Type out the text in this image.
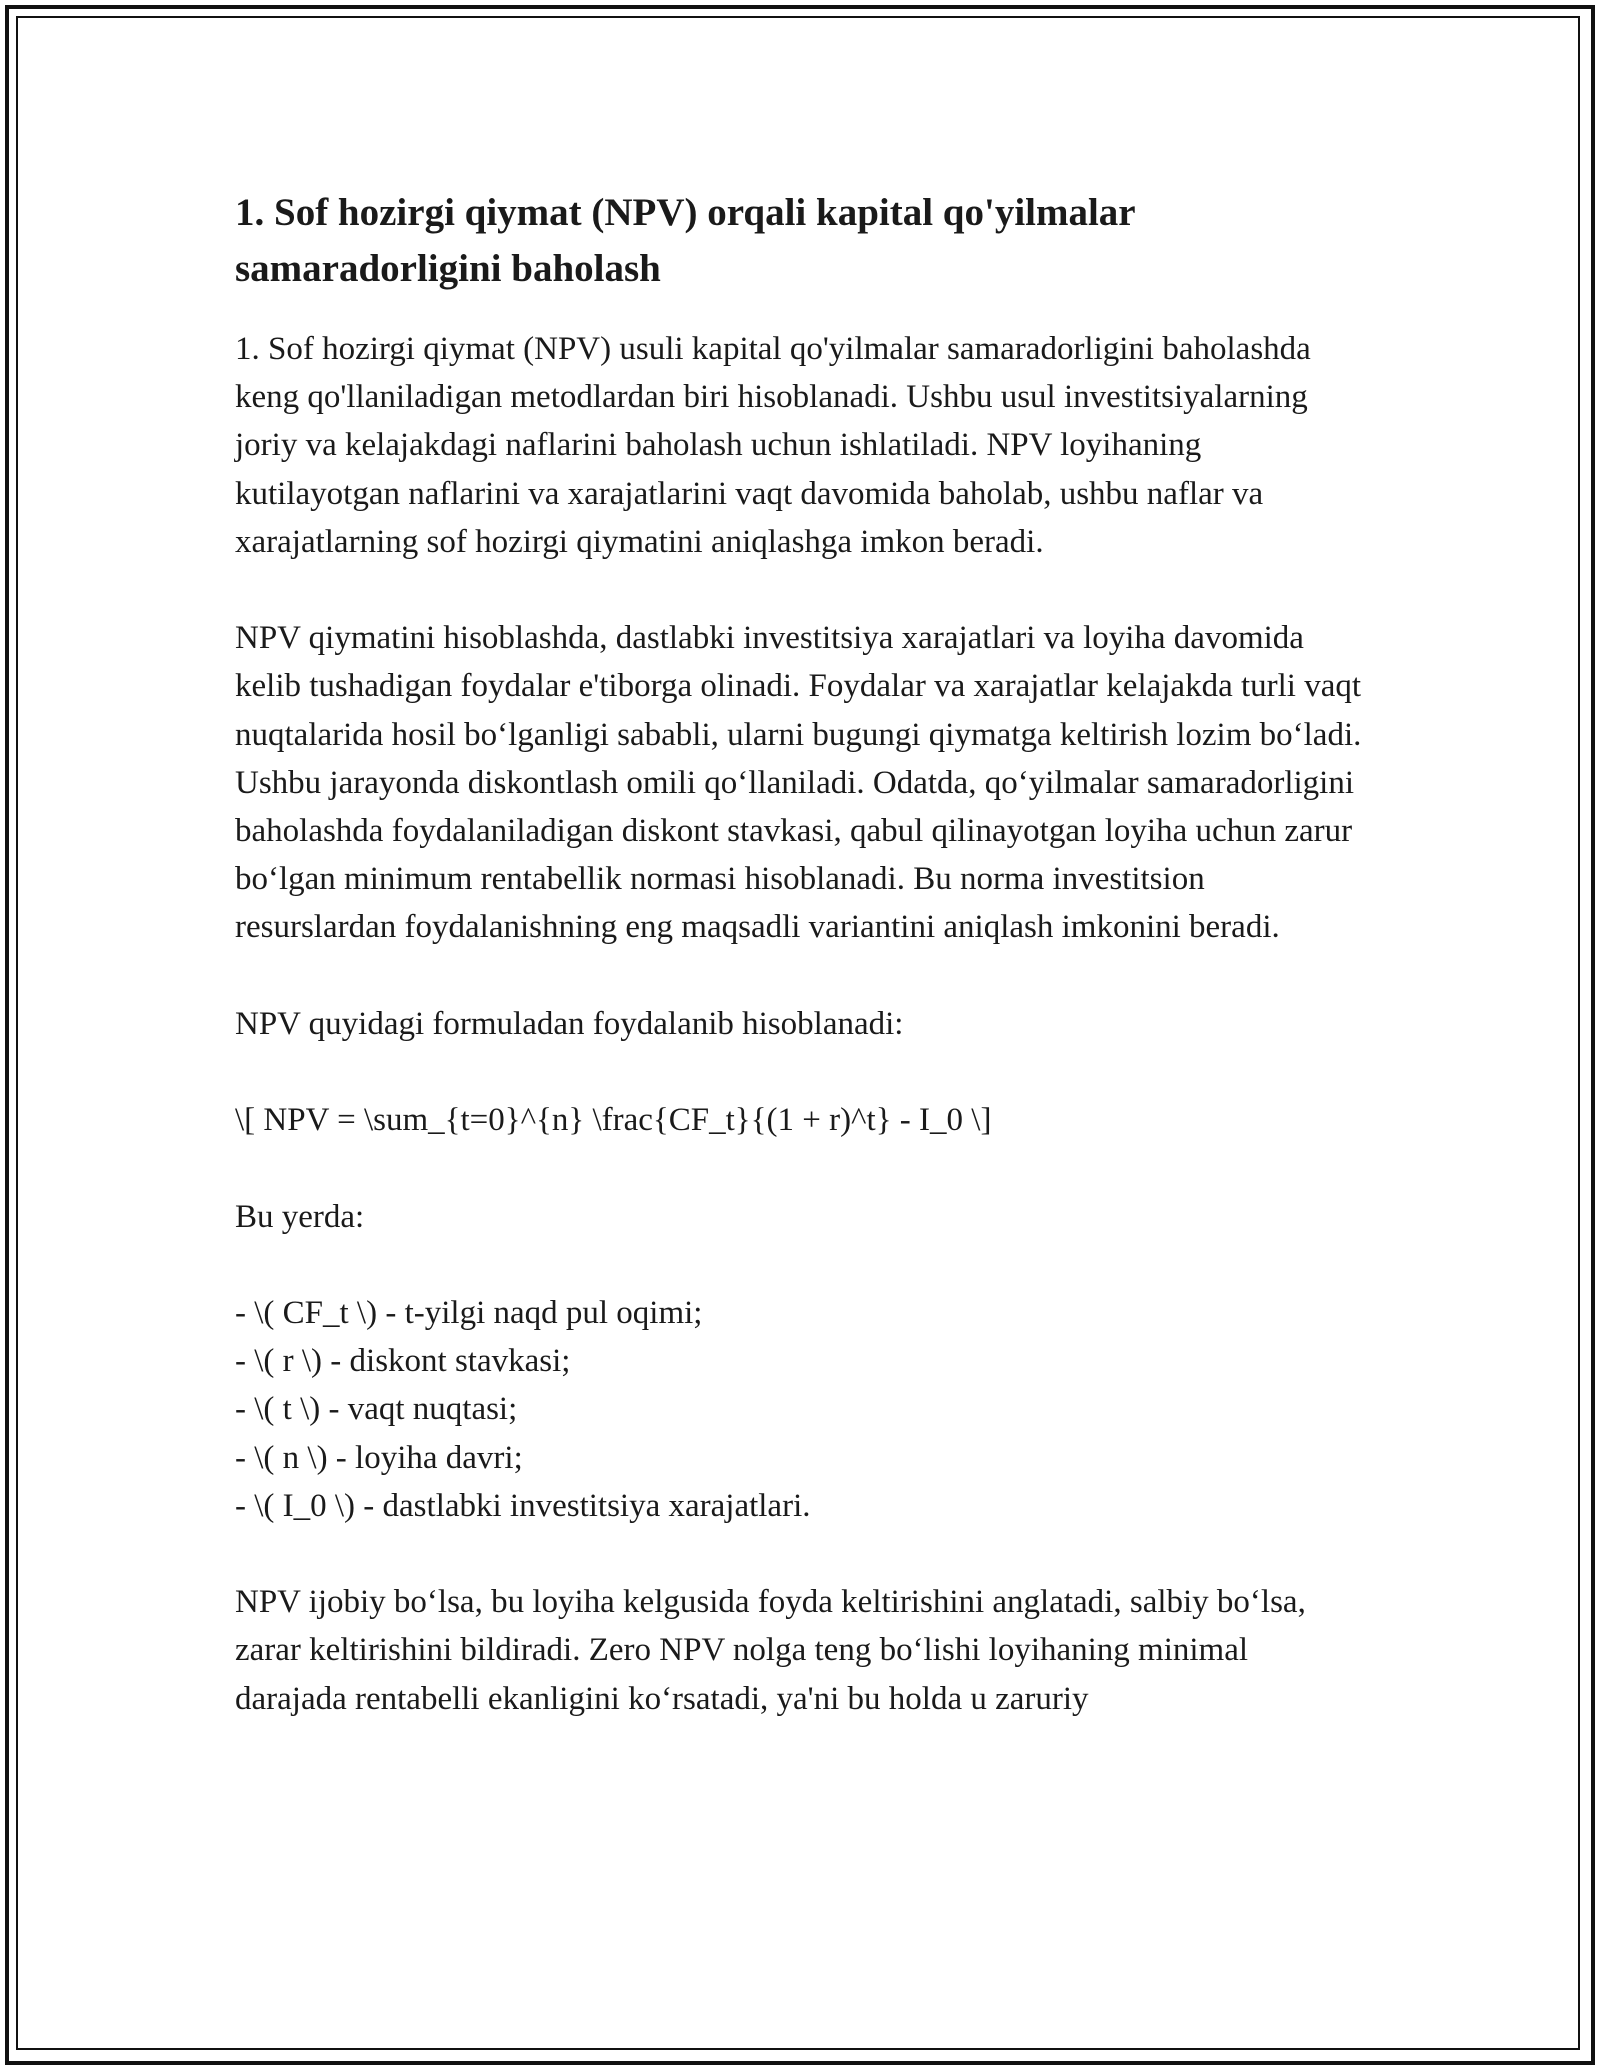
1. Sof hozirgi qiymat (NPV) orqali kapital qo'yilmalar samaradorligini baholash

1. Sof hozirgi qiymat (NPV) usuli kapital qo'yilmalar samaradorligini baholashda keng qo'llaniladigan metodlardan biri hisoblanadi. Ushbu usul investitsiyalarning joriy va kelajakdagi naflarini baholash uchun ishlatiladi. NPV loyihaning kutilayotgan naflarini va xarajatlarini vaqt davomida baholab, ushbu naflar va xarajatlarning sof hozirgi qiymatini aniqlashga imkon beradi.

NPV qiymatini hisoblashda, dastlabki investitsiya xarajatlari va loyiha davomida kelib tushadigan foydalar e'tiborga olinadi. Foydalar va xarajatlar kelajakda turli vaqt nuqtalarida hosil bo‘lganligi sababli, ularni bugungi qiymatga keltirish lozim bo‘ladi. Ushbu jarayonda diskontlash omili qo‘llaniladi. Odatda, qo‘yilmalar samaradorligini baholashda foydalaniladigan diskont stavkasi, qabul qilinayotgan loyiha uchun zarur bo‘lgan minimum rentabellik normasi hisoblanadi. Bu norma investitsion resurslardan foydalanishning eng maqsadli variantini aniqlash imkonini beradi.

NPV quyidagi formuladan foydalanib hisoblanadi:

\[ NPV = \sum_{t=0}^{n} \frac{CF_t}{(1 + r)^t} - I_0 \]

Bu yerda:

- \( CF_t \) - t-yilgi naqd pul oqimi;

- \( r \) - diskont stavkasi;

- \( t \) - vaqt nuqtasi;

- \( n \) - loyiha davri;

- \( I_0 \) - dastlabki investitsiya xarajatlari.

NPV ijobiy bo‘lsa, bu loyiha kelgusida foyda keltirishini anglatadi, salbiy bo‘lsa, zarar keltirishini bildiradi. Zero NPV nolga teng bo‘lishi loyihaning minimal darajada rentabelli ekanligini ko‘rsatadi, ya'ni bu holda u zaruriy
